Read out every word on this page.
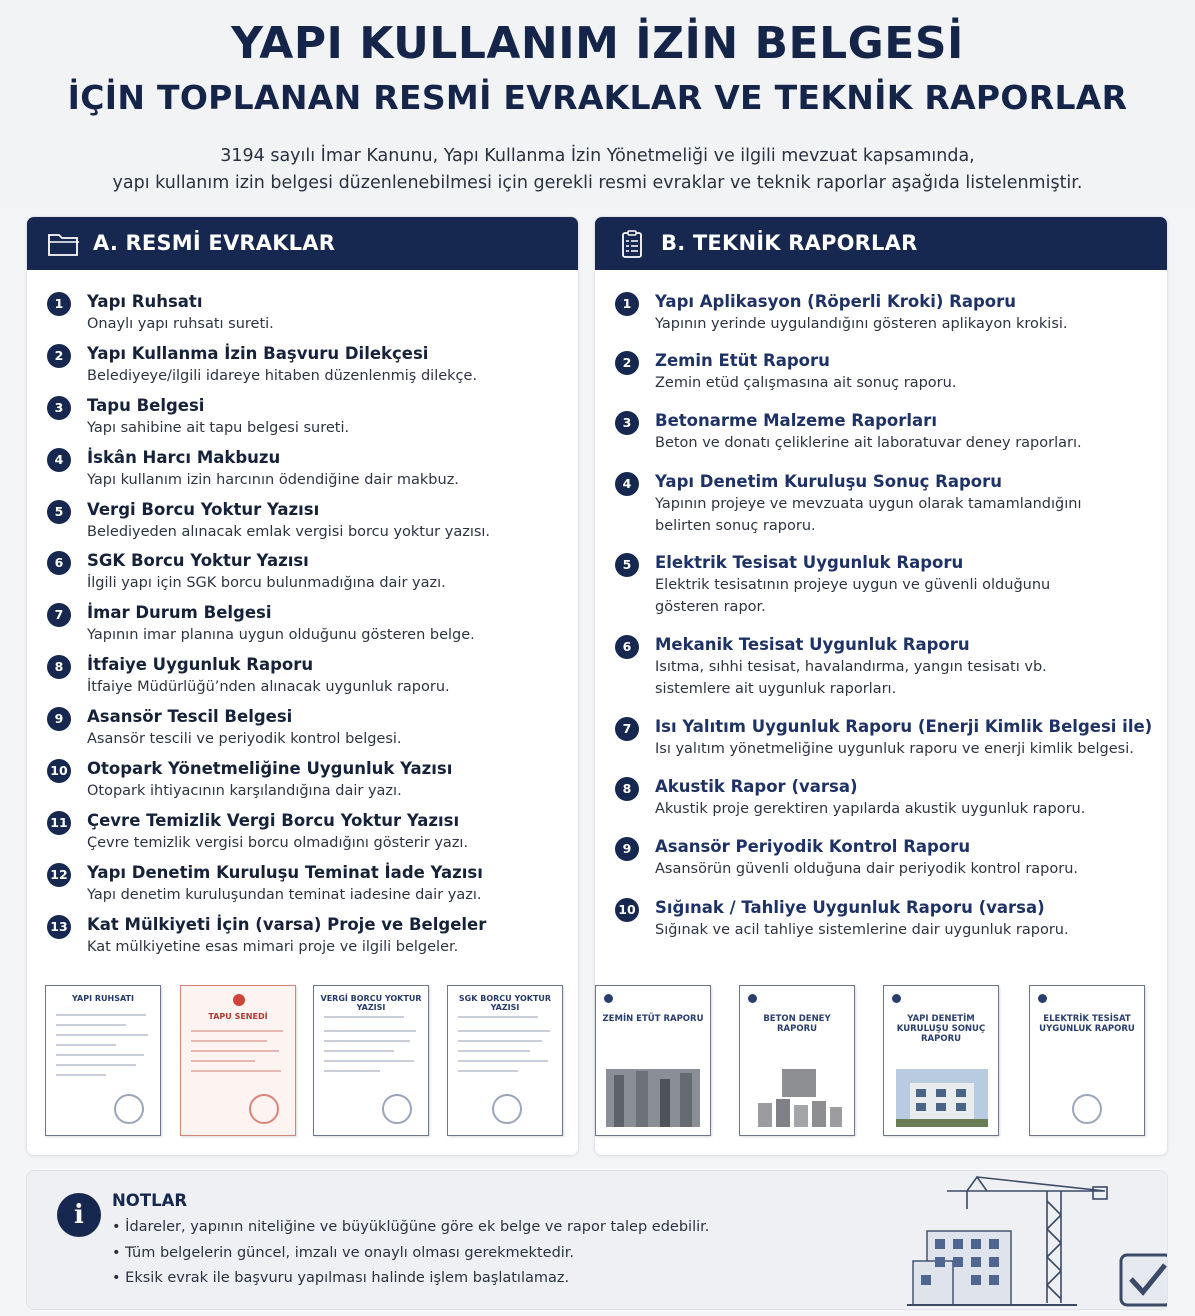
YAPI KULLANIM İZİN BELGESİ
İÇİN TOPLANAN RESMİ EVRAKLAR VE TEKNİK RAPORLAR
3194 sayılı İmar Kanunu, Yapı Kullanma İzin Yönetmeliği ve ilgili mevzuat kapsamında,
yapı kullanım izin belgesi düzenlenebilmesi için gerekli resmi evraklar ve teknik raporlar aşağıda listelenmiştir.
A. RESMİ EVRAKLAR
1	Yapı Ruhsatı
Onaylı yapı ruhsatı sureti.
2	Yapı Kullanma İzin Başvuru Dilekçesi
Belediyeye/ilgili idareye hitaben düzenlenmiş dilekçe.
3	Tapu Belgesi
Yapı sahibine ait tapu belgesi sureti.
4	İskân Harcı Makbuzu
Yapı kullanım izin harcının ödendiğine dair makbuz.
5	Vergi Borcu Yoktur Yazısı
Belediyeden alınacak emlak vergisi borcu yoktur yazısı.
6	SGK Borcu Yoktur Yazısı
İlgili yapı için SGK borcu bulunmadığına dair yazı.
7	İmar Durum Belgesi
Yapının imar planına uygun olduğunu gösteren belge.
8	İtfaiye Uygunluk Raporu
İtfaiye Müdürlüğü’nden alınacak uygunluk raporu.
9	Asansör Tescil Belgesi
Asansör tescili ve periyodik kontrol belgesi.
10 Otopark Yönetmeliğine Uygunluk Yazısı
Otopark ihtiyacının karşılandığına dair yazı.
11 Çevre Temizlik Vergi Borcu Yoktur Yazısı
Çevre temizlik vergisi borcu olmadığını gösterir yazı.
12 Yapı Denetim Kuruluşu Teminat İade Yazısı
Yapı denetim kuruluşundan teminat iadesine dair yazı.
13 Kat Mülkiyeti İçin (varsa) Proje ve Belgeler
Kat mülkiyetine esas mimari proje ve ilgili belgeler.
YAPI RUHSATI
TAPU SENEDİ
VERGİ BORCU YOKTUR YAZISI
SGK BORCU YOKTUR YAZISI
B. TEKNİK RAPORLAR
1	Yapı Aplikasyon (Röperli Kroki) Raporu
Yapının yerinde uygulandığını gösteren aplikayon krokisi.
2	Zemin Etüt Raporu
Zemin etüd çalışmasına ait sonuç raporu.
3	Betonarme Malzeme Raporları
Beton ve donatı çeliklerine ait laboratuvar deney raporları.
4	Yapı Denetim Kuruluşu Sonuç Raporu
Yapının projeye ve mevzuata uygun olarak tamamlandığını belirten sonuç raporu.
5	Elektrik Tesisat Uygunluk Raporu
Elektrik tesisatının projeye uygun ve güvenli olduğunu gösteren rapor.
6	Mekanik Tesisat Uygunluk Raporu
Isıtma, sıhhi tesisat, havalandırma, yangın tesisatı vb. sistemlere ait uygunluk raporları.
7	Isı Yalıtım Uygunluk Raporu (Enerji Kimlik Belgesi ile)
Isı yalıtım yönetmeliğine uygunluk raporu ve enerji kimlik belgesi.
8	Akustik Rapor (varsa)
Akustik proje gerektiren yapılarda akustik uygunluk raporu.
9	Asansör Periyodik Kontrol Raporu
Asansörün güvenli olduğuna dair periyodik kontrol raporu.
10 Sığınak / Tahliye Uygunluk Raporu (varsa)
Sığınak ve acil tahliye sistemlerine dair uygunluk raporu.
ZEMİN ETÜT RAPORU	BETON DENEY RAPORU
YAPI DENETİM KURULUŞU SONUÇ RAPORU
ELEKTRİK TESİSAT UYGUNLUK RAPORU
i	NOTLAR
• İdareler, yapının niteliğine ve büyüklüğüne göre ek belge ve rapor talep edebilir.
• Tüm belgelerin güncel, imzalı ve onaylı olması gerekmektedir.
• Eksik evrak ile başvuru yapılması halinde işlem başlatılamaz.
